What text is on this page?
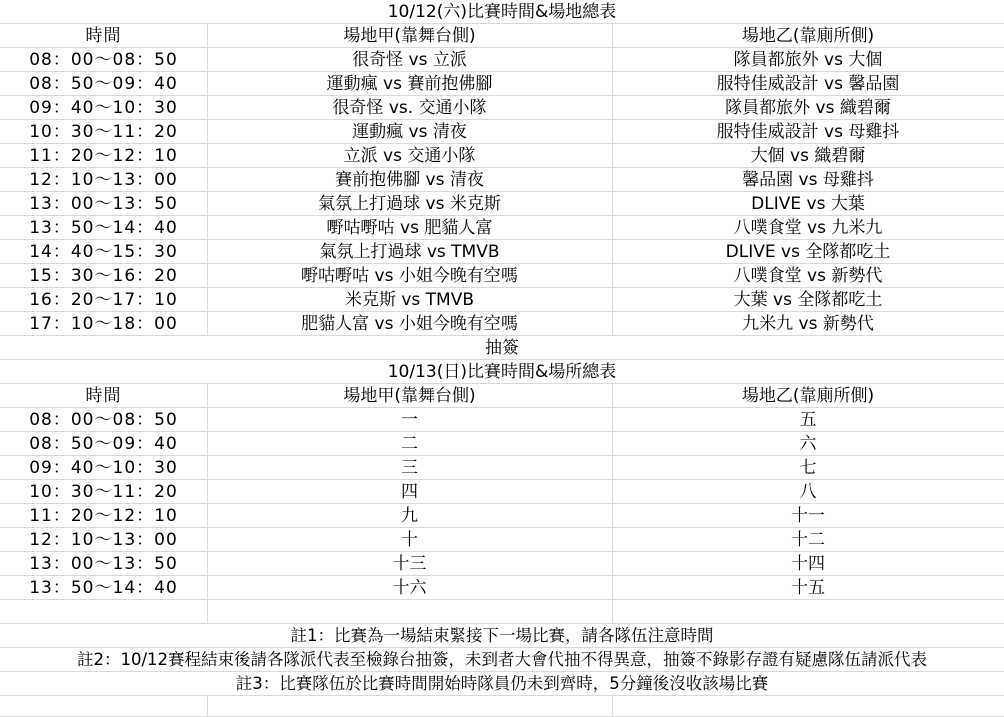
10/12(六)比賽時間&場地總表
時間	場地甲(靠舞台側)	場地乙(靠廁所側)
08：00～08：50	很奇怪 vs 立派	隊員都旅外 vs 大個
08：50～09：40	運動瘋 vs 賽前抱佛腳	服特佳威設計 vs 馨品園
09：40～10：30	很奇怪 vs. 交通小隊	隊員都旅外 vs 織碧爾
10：30～11：20	運動瘋 vs 清夜	服特佳威設計 vs 母雞抖
11：20～12：10	立派 vs 交通小隊	大個 vs 織碧爾
12：10～13：00	賽前抱佛腳 vs 清夜	馨品園 vs 母雞抖
13：00～13：50	氣氛上打過球 vs 米克斯	DLIVE vs 大葉
13：50～14：40	嘢咕嘢咕 vs 肥貓人富	八噗食堂 vs 九米九
14：40～15：30	氣氛上打過球 vs TMVB	DLIVE vs 全隊都吃土
15：30～16：20	嘢咕嘢咕 vs 小姐今晚有空嗎	八噗食堂 vs 新勢代
16：20～17：10	米克斯 vs TMVB	大葉 vs 全隊都吃土
17：10～18：00	肥貓人富 vs 小姐今晚有空嗎	九米九 vs 新勢代
抽簽
10/13(日)比賽時間&場所總表
時間	場地甲(靠舞台側)	場地乙(靠廁所側)
08：00～08：50	一	五
08：50～09：40	二	六
09：40～10：30	三	七
10：30～11：20	四	八
11：20～12：10	九	十一
12：10～13：00	十	十二
13：00～13：50	十三	十四
13：50～14：40	十六	十五
註1：比賽為一場結束緊接下一場比賽，請各隊伍注意時間
註2：10/12賽程結束後請各隊派代表至檢錄台抽簽，未到者大會代抽不得異意，抽簽不錄影存證有疑慮隊伍請派代表
註3：比賽隊伍於比賽時間開始時隊員仍未到齊時，5分鐘後沒收該場比賽
